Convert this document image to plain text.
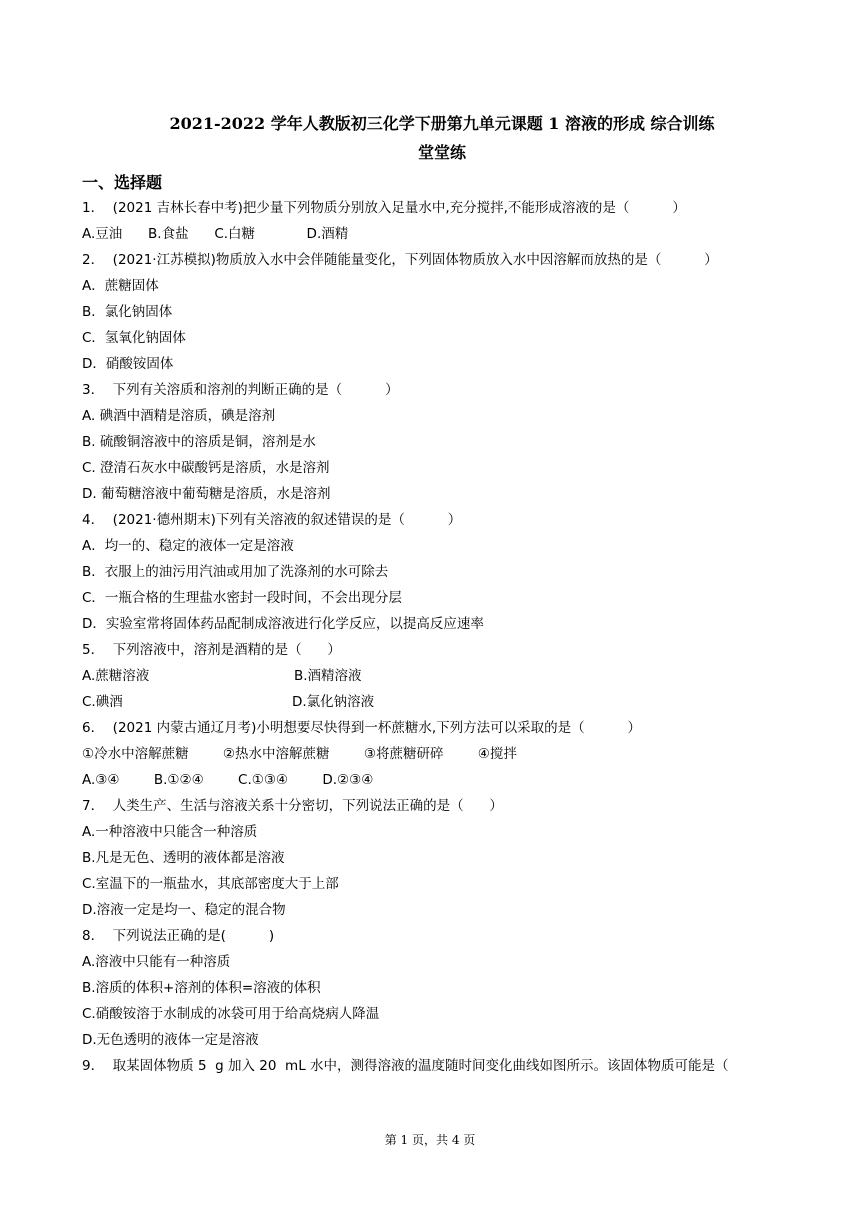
2021-2022 学年人教版初三化学下册第九单元课题 1 溶液的形成 综合训练
堂堂练
一、选择题
1．  (2021 吉林长春中考)把少量下列物质分别放入足量水中,充分搅拌,不能形成溶液的是（          ）
A.豆油      B.食盐      C.白糖            D.酒精
2．  (2021·江苏模拟)物质放入水中会伴随能量变化，下列固体物质放入水中因溶解而放热的是（          ）
A．蔗糖固体
B．氯化钠固体
C．氢氧化钠固体
D．硝酸铵固体
3．  下列有关溶质和溶剂的判断正确的是（          ）
A. 碘酒中酒精是溶质，碘是溶剂
B. 硫酸铜溶液中的溶质是铜，溶剂是水
C. 澄清石灰水中碳酸钙是溶质，水是溶剂
D. 葡萄糖溶液中葡萄糖是溶质，水是溶剂
4．  (2021·德州期末)下列有关溶液的叙述错误的是（          ）
A．均一的、稳定的液体一定是溶液
B．衣服上的油污用汽油或用加了洗涤剂的水可除去
C．一瓶合格的生理盐水密封一段时间，不会出现分层
D．实验室常将固体药品配制成溶液进行化学反应，以提高反应速率
5．  下列溶液中，溶剂是酒精的是（      ）
A.蔗糖溶液	B.酒精溶液
C.碘酒	D.氯化钠溶液
6．  (2021 内蒙古通辽月考)小明想要尽快得到一杯蔗糖水,下列方法可以采取的是（          ）
①冷水中溶解蔗糖        ②热水中溶解蔗糖        ③将蔗糖研碎        ④搅拌
A.③④        B.①②④        C.①③④        D.②③④
7．  人类生产、生活与溶液关系十分密切，下列说法正确的是（      ）
A.一种溶液中只能含一种溶质
B.凡是无色、透明的液体都是溶液
C.室温下的一瓶盐水，其底部密度大于上部
D.溶液一定是均一、稳定的混合物
8．  下列说法正确的是(          )
A.溶液中只能有一种溶质
B.溶质的体积+溶剂的体积=溶液的体积
C.硝酸铵溶于水制成的冰袋可用于给高烧病人降温
D.无色透明的液体一定是溶液
9．  取某固体物质 5  g 加入 20  mL 水中，测得溶液的温度随时间变化曲线如图所示。该固体物质可能是（
第 1 页，共 4 页
